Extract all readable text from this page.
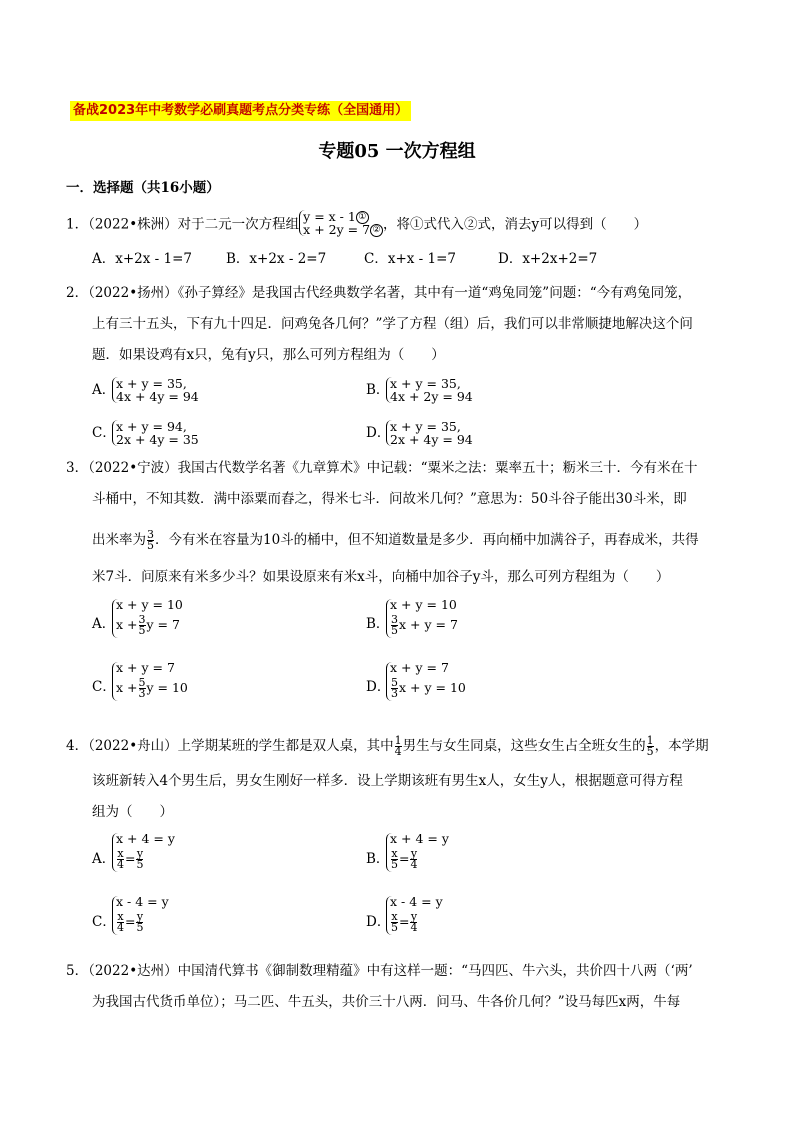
备战2023年中考数学必刷真题考点分类专练（全国通用）
专题05 一次方程组
一．选择题（共16小题）
1．（2022•株洲）对于二元一次方程组 y = x - 1 ①
x + 2y = 7 ② ，将①式代入②式，消去y可以得到（　　）
A．x+2x - 1=7	B．x+2x - 2=7	C．x+x - 1=7	D．x+2x+2=7
2．（2022•扬州）《孙子算经》是我国古代经典数学名著，其中有一道“鸡兔同笼”问题：“今有鸡兔同笼，
上有三十五头，下有九十四足．问鸡兔各几何？”学了方程（组）后，我们可以非常顺捷地解决这个问
题．如果设鸡有x只，兔有y只，那么可列方程组为（　　）
A． x + y = 35,
4x + 4y = 94	B． x + y = 35,
4x + 2y = 94
C． x + y = 94,
2x + 4y = 35	D． x + y = 35,
2x + 4y = 94
3．（2022•宁波）我国古代数学名著《九章算术》中记载：“粟米之法：粟率五十；粝米三十．今有米在十
斗桶中，不知其数．满中添粟而舂之，得米七斗．问故米几何？”意思为：50斗谷子能出30斗米，即
出米率为 $\frac{3}{5}$ ．今有米在容量为10斗的桶中，但不知道数量是多少．再向桶中加满谷子，再舂成米，共得
米7斗．问原来有米多少斗？如果设原来有米x斗，向桶中加谷子y斗，那么可列方程组为（　　）
A．
x + y = 10
$x + \frac{3}{5}$ y = 7	B．
x + y = 10
$\frac{3}{5}$ x + y = 7
C．
x + y = 7
$x + \frac{5}{3}$ y = 10	D．
x + y = 7
$\frac{5}{3}$ x + y = 10
4．（2022•舟山）上学期某班的学生都是双人桌，其中 $\frac{1}{4}$ 男生与女生同桌，这些女生占全班女生的 $\frac{1}{5}$ ，本学期
该班新转入4个男生后，男女生刚好一样多．设上学期该班有男生x人，女生y人，根据题意可得方程
组为（　　）
A．
x + 4 = y
$\frac{x}{4} = \frac{y}{5}$	B．
x + 4 = y
$\frac{x}{5} = \frac{y}{4}$
C．
x - 4 = y
$\frac{x}{4} = \frac{y}{5}$	D．
x - 4 = y
$\frac{x}{5} = \frac{y}{4}$
5．（2022•达州）中国清代算书《御制数理精蕴》中有这样一题：“马四匹、牛六头，共价四十八两（‘两’
为我国古代货币单位）；马二匹、牛五头，共价三十八两．问马、牛各价几何？”设马每匹x两，牛每
